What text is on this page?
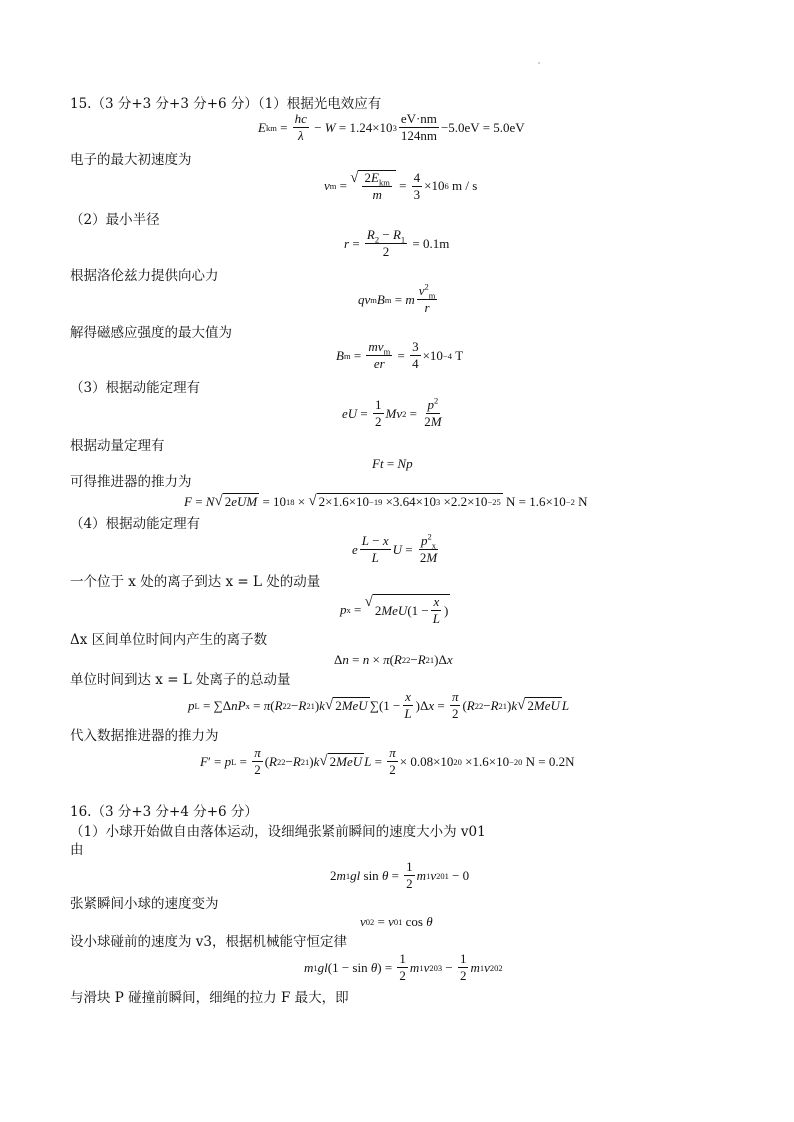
15.（3 分+3 分+3 分+6 分）（1）根据光电效应有
E km = $\frac{hc}{\lambda} - W = 1.24\times 10$ $3 \frac{eV\cdot nm}{124nm} -5.0eV = 5.0eV$
电子的最大初速度为
v m = √ $\frac{2E_{km}}{m} = \frac{4}{3} \times 10$ 6 m / s
（2）最小半径
$r = \frac{R_2 - R_1}{2} = 0.1m$
根据洛伦兹力提供向心力
qv m B m = m $\frac{v^2_m}{r}$
解得磁感应强度的最大值为
B $m = \frac{mv_m}{er} = \frac{3}{4} \times 10 -4$ T
（3）根据动能定理有
eU = $\frac{1}{2}$ Mv $2 = \frac{p^2}{2M}$
根据动量定理有
Ft = Np
可得推进器的推力为
F = N √ 2 eUM = 10 18 × √ 2×1.6×10 −19 ×3.64×10 3 ×2.2×10 −25 N = 1.6×10 −2 N
（4）根据动能定理有
e $\frac{L - x}{L}$ $U = \frac{p^2_x}{2M}$
一个位于 x 处的离子到达 x = L 处的动量
p x = √ 2 MeU ($1 - \frac{x}{L}$ )
Δx 区间单位时间内产生的离子数
Δ n = n × π ( R 2 2 − R 2 1 )Δ x
单位时间到达 x = L 处离子的总动量
p L = ∑Δ nP x = π ( R 2 2 − R 2 1 ) k √ 2 MeU $\sum(1 - \frac{x}{L} )\Delta$ $x = \frac{\pi}{2}$ ( R 2 2 − R 2 1 ) k √ 2 MeU L
代入数据推进器的推力为
F ′ = p $L = \frac{\pi}{2}$ ( R 2 2 − R 2 1 ) k √ 2 MeU $L = \frac{\pi}{2} \times 0.08\times 10$ 20 ×1.6×10 −20 N = 0.2N
16.（3 分+3 分+4 分+6 分）
（1）小球开始做自由落体运动，设细绳张紧前瞬间的速度大小为 v01
由
2 m 1 gl $\sin \theta = \frac{1}{2}$ m 1 v 2 01 − 0
张紧瞬间小球的速度变为
v 02 = v 01 cos θ
设小球碰前的速度为 v3，根据机械能守恒定律
m 1 gl (1 − sin θ ) = $\frac{1}{2}$ m 1 v 2 $03 - \frac{1}{2}$ m 1 v 2 02
与滑块 P 碰撞前瞬间，细绳的拉力 F 最大，即
